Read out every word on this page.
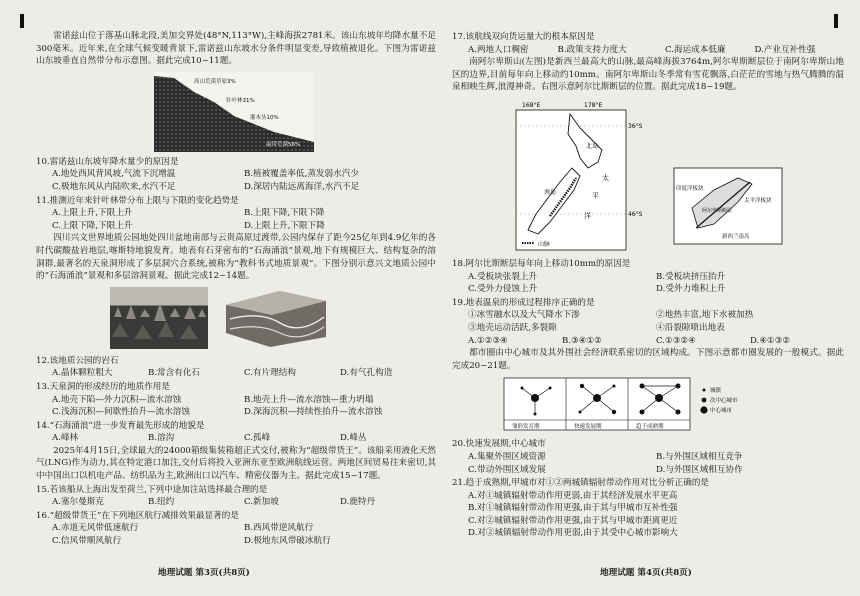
雷诺兹山位于落基山脉北段,美加交界处(48°N,113°W),主峰海拔2781米。该山东坡年均降水量不足300毫米。近年来,在全球气候变暖背景下,雷诺兹山东坡水分条件明显变差,导致植被退化。下图为雷诺兹山东坡垂直自然带分布示意图。据此完成10~11题。
高山荒漠草原3%
针叶林31%
灌木丛10%
温带荒漠56%
10.雷诺兹山东坡年降水量少的原因是
A.地处西风背风坡,气流下沉增温	B.植被覆盖率低,蒸发弱水汽少
C.极地东风从内陆吹来,水汽不足	D.深居内陆远离海洋,水汽不足
11.推测近年来针叶林带分布上限与下限的变化趋势是
A.上限上升,下限上升	B.上限下降,下限下降
C.上限下降,下限上升	D.上限上升,下限下降
四川兴文世界地质公园地处四川盆地南部与云贵高原过渡带,公园内保存了距今25亿年到4.9亿年的各时代碳酸盐岩地层,喀斯特地貌发育。地表有石芽密布的“石海涌浪”景观,地下有规模巨大、结构复杂的溶洞群,最著名的天泉洞形成了多层洞穴合系统,被称为“教科书式地质景观”。下图分别示意兴文地质公园中的“石海涌浪”景观和多层溶洞景观。据此完成12~14题。
12.该地质公园的岩石
A.晶体颗粒粗大	B.常含有化石	C.有片理结构	D.有气孔构造
13.天泉洞的形成经历的地质作用是
A.地壳下陷—外力沉积—流水溶蚀	B.地壳上升—流水溶蚀—重力坍塌
C.浅海沉积—间歇性抬升—流水溶蚀	D.深海沉积—持续性抬升—流水溶蚀
14.“石海涌浪”进一步发育最先形成的地貌是
A.峰林	B.溶沟	C.孤峰	D.峰丛
2025年4月15日,全球最大的24000箱级集装箱超正式交付,被称为“超级带货王”。该船采用液化天然气(LNG)作为动力,其在特定港口加注,交付后将投入亚洲东亚至欧洲航线运营。两地区间贸易往来密切,其中中国出口以机电产品、纺织品为主,欧洲出口以汽车、精密仪器为主。据此完成15~17题。
15.若该船从上海出发至荷兰,下列中途加注站选择最合理的是
A.塞尔曼斯克	B.纽约	C.新加坡	D.鹿特丹
16.“超级带货王”在下列地区航行减排效果最显著的是
A.赤道无风带低速航行	B.西风带逆风航行
C.信风带顺风航行	D.极地东风带破冰航行
地理试题 第3页(共8页)
17.该航线双向货运量大的根本原因是
A.两地人口稠密	B.政策支持力度大	C.海运成本低廉	D.产业互补性强
南阿尔卑斯山(左图)是新西兰最高大的山脉,最高峰海拔3764m,阿尔卑斯断层位于南阿尔卑斯山地区的边界,目前每年向上移动约10mm。南阿尔卑斯山冬季常有雪花飘落,白茫茫的雪地与热气腾腾的温泉相映生辉,浪漫神奇。右图示意阿尔比斯断层的位置。据此完成18~19题。
168°E	178°E
36°S
46°S
北岛
南岛
太
平
洋
山脉
印度洋板块
太平洋板块
阿尔卑斯断层
新西兰南岛
18.阿尔比斯断层每年向上移动10mm的原因是
A.受板块张裂上升	B.受板块挤压抬升
C.受外力侵蚀上升	D.受外力堆积上升
19.地表温泉的形成过程排序正确的是
①冰雪融水以及大气降水下渗	②地热丰富,地下水被加热
③地壳运动活跃,多裂隙	④沿裂隙喷出地表
A.①②③④	B.③④①②	C.①③②④	D.④①③②
都市圈由中心城市及其外围社会经济联系密切的区域构成。下图示意都市圈发展的一般模式。据此完成20~21题。
雏形发育期	快速发展期	趋于成熟期
城镇
次中心城市
中心城市
20.快速发展期,中心城市
A.集聚外围区域资源	B.与外围区域相互竞争
C.带动外围区域发展	D.与外围区域相互协作
21.趋于成熟期,甲城市对①②两城镇辐射带动作用对比分析正确的是
A.对①城镇辐射带动作用更弱,由于其经济发展水平更高
B.对①城镇辐射带动作用更强,由于其与甲城市互补性强
C.对②城镇辐射带动作用更强,由于其与甲城市距离更近
D.对②城镇辐射带动作用更弱,由于其受中心城市影响大
地理试题 第4页(共8页)
